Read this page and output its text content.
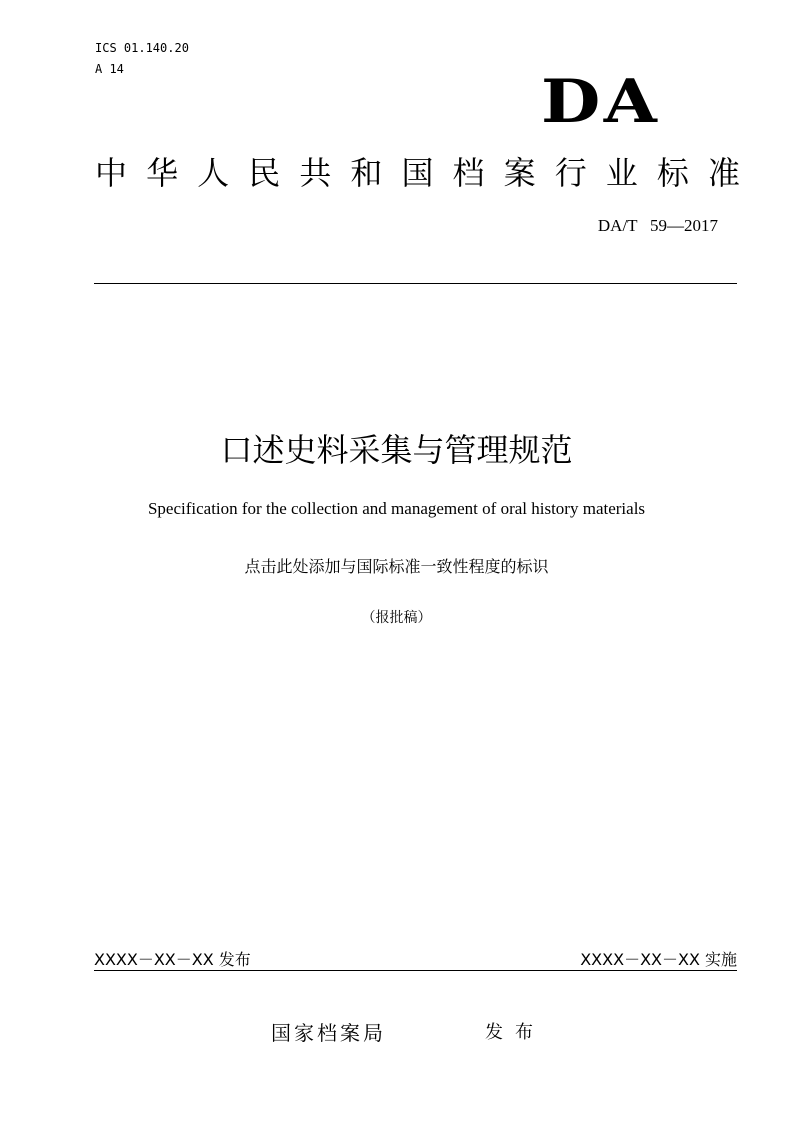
ICS 01.140.20
A 14	DA
中 华 人 民 共 和 国 档 案 行 业 标 准
DA/T   59—2017
口述史料采集与管理规范
Specification for the collection and management of oral history materials
点击此处添加与国际标准一致性程度的标识
（报批稿）
XXXX－XX－XX 发布	XXXX－XX－XX 实施
国家档案局	发布
